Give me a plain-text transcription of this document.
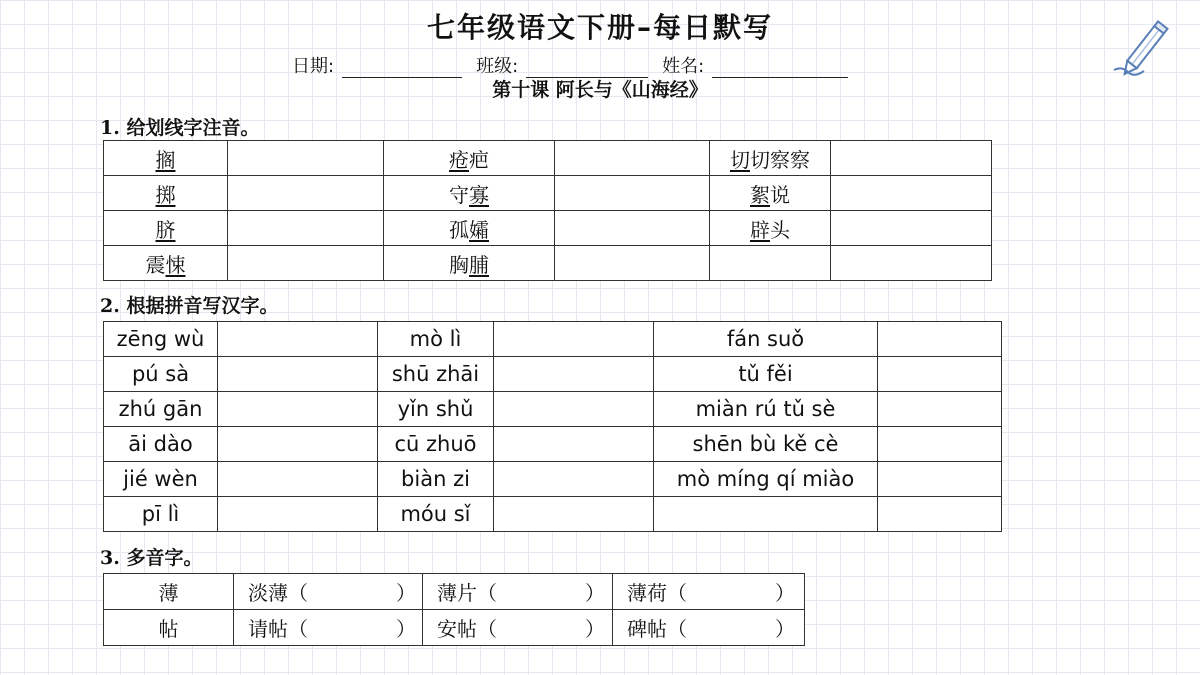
七年级语文下册–每日默写
日期:	班级:	姓名:
第十课 阿长与《山海经》
1. 给划线字注音。
搁		疮疤		切切察察	
掷		守寡		絮说	
脐		孤孀		辟头	
震悚		胸脯			
2. 根据拼音写汉字。
zēng wù		mò lì		fán suǒ	
pú sà		shū zhāi		tǔ fěi	
zhú gān		yǐn shǔ		miàn rú tǔ sè	
āi dào		cū zhuō		shēn bù kě cè	
jié wèn		biàn zi		mò míng qí miào	
pī lì		móu sǐ			
3. 多音字。
薄	淡薄（ ）	薄片（ ）	薄荷（ ）
帖	请帖（ ）	安帖（ ）	碑帖（ ）
